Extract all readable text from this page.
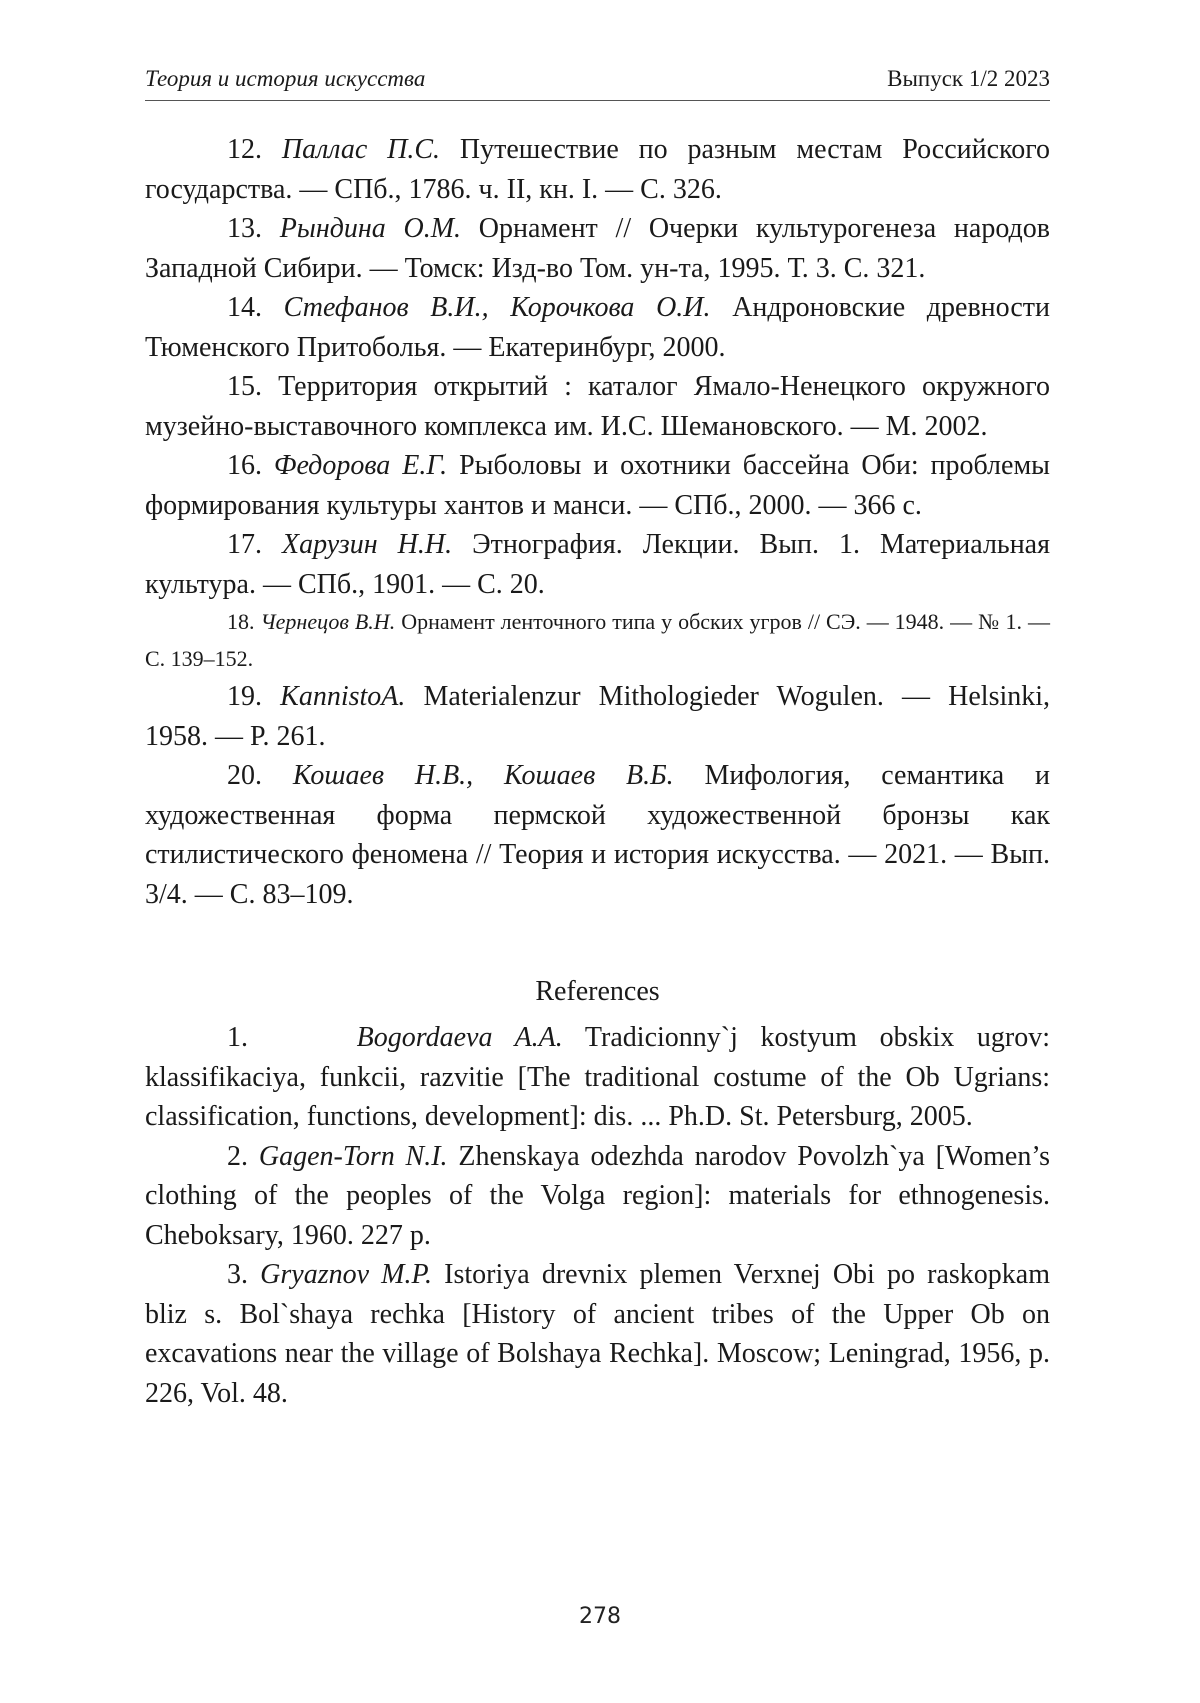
Теория и история искусства	Выпуск 1/2 2023

12. Паллас П.С. Путешествие по разным местам Российского государства. — СПб., 1786. ч. II, кн. I. — С. 326.

13. Рындина О.М. Орнамент // Очерки культурогенеза народов Западной Сибири. — Томск: Изд-во Том. ун-та, 1995. Т. 3. С. 321.

14. Стефанов В.И., Корочкова О.И. Андроновские древности Тюменского Притоболья. — Екатеринбург, 2000.

15. Территория открытий : каталог Ямало-Ненецкого окружного музейно-выставочного комплекса им. И.С. Шемановского. — М. 2002.

16. Федорова Е.Г. Рыболовы и охотники бассейна Оби: проблемы формирования культуры хантов и манси. — СПб., 2000. — 366 с.

17. Харузин Н.Н. Этнография. Лекции. Вып. 1. Материальная культура. — СПб., 1901. — С. 20.

18. Чернецов В.Н. Орнамент ленточного типа у обских угров // СЭ. — 1948. — № 1. — С. 139–152.

19. KannistoA. Materialenzur Mithologieder Wogulen. — Helsinki, 1958. — P. 261.

20. Кошаев Н.В., Кошаев В.Б. Мифология, семантика и художественная форма пермской художественной бронзы как стилистического феномена // Теория и история искусства. — 2021. — Вып. 3/4. — С. 83–109.

References

1.	Bogordaeva A.A. Tradicionny`j kostyum obskix ugrov: klassifikaciya, funkcii, razvitie [The traditional costume of the Ob Ugrians: classification, functions, development]: dis. ... Ph.D. St. Petersburg, 2005.

2. Gagen-Torn N.I. Zhenskaya odezhda narodov Povolzh`ya [Women’s clothing of the peoples of the Volga region]: materials for ethnogenesis. Cheboksary, 1960. 227 p.

3. Gryaznov M.P. Istoriya drevnix plemen Verxnej Obi po raskopkam bliz s. Bol`shaya rechka [History of ancient tribes of the Upper Ob on excavations near the village of Bolshaya Rechka]. Moscow; Leningrad, 1956, p. 226, Vol. 48.

278
